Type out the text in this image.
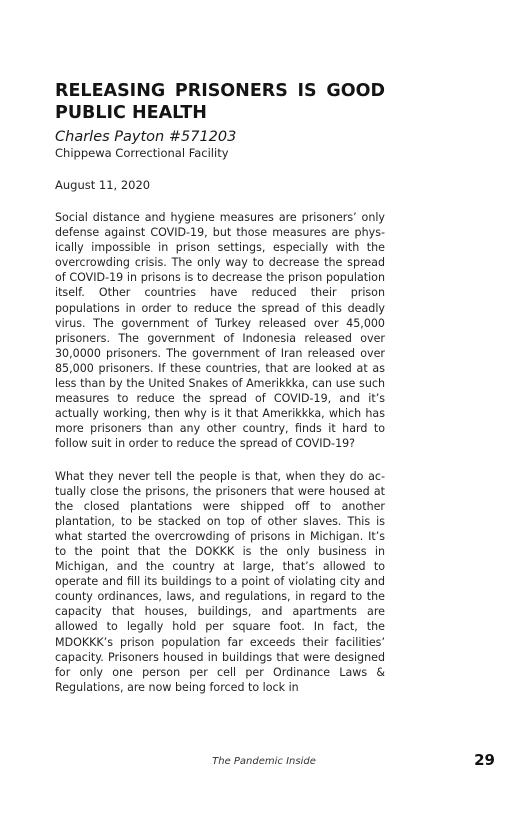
RELEASING PRISONERS IS GOOD PUBLIC HEALTH

Charles Payton #571203

Chippewa Correctional Facility

August 11, 2020

Social distance and hygiene measures are prisoners’ only defense against COVID-19, but those measures are physically impossible in prison settings, especially with the overcrowding crisis. The only way to decrease the spread of COVID-19 in prisons is to decrease the prison population itself. Other countries have reduced their prison populations in order to reduce the spread of this deadly virus. The government of Turkey released over 45,000 prisoners. The government of Indonesia released over 30,0000 prisoners. The government of Iran released over 85,000 prisoners. If these countries, that are looked at as less than by the United Snakes of Amerikkka, can use such measures to reduce the spread of COVID-19, and it’s actually working, then why is it that Amerikkka, which has more prisoners than any other country, finds it hard to follow suit in order to reduce the spread of COVID-19?

What they never tell the people is that, when they do actually close the prisons, the prisoners that were housed at the closed plantations were shipped off to another plantation, to be stacked on top of other slaves. This is what started the overcrowding of prisons in Michigan. It’s to the point that the DOKKK is the only business in Michigan, and the country at large, that’s allowed to operate and fill its buildings to a point of violating city and county ordinances, laws, and regulations, in regard to the capacity that houses, buildings, and apartments are allowed to legally hold per square foot. In fact, the MDOKKK’s prison population far exceeds their facilities’ capacity. Prisoners housed in buildings that were designed for only one person per cell per Ordinance Laws & Regulations, are now being forced to lock in

The Pandemic Inside	29
